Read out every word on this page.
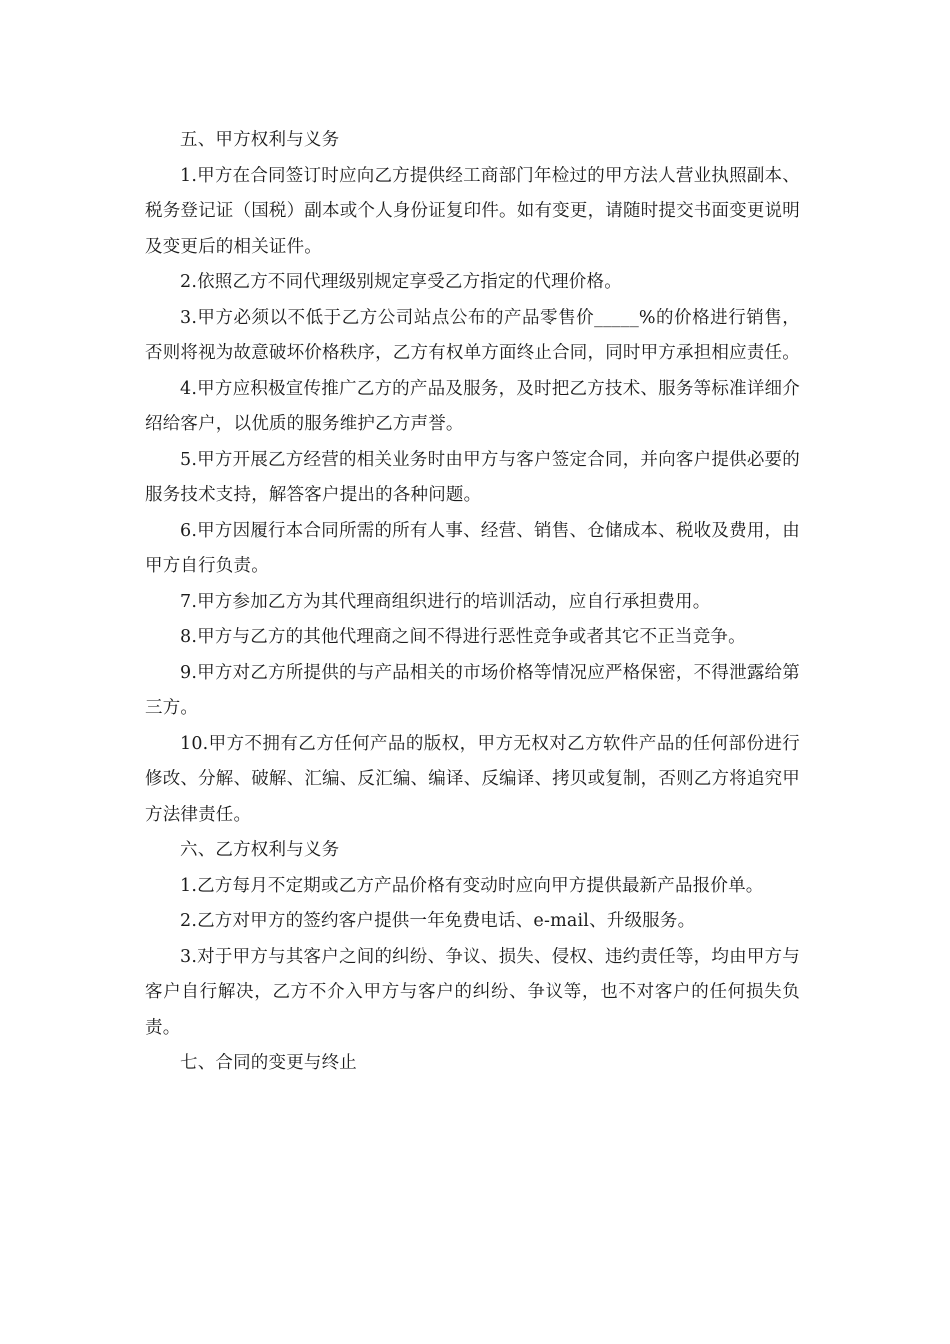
五、甲方权利与义务

1.甲方在合同签订时应向乙方提供经工商部门年检过的甲方法人营业执照副本、税务登记证（国税）副本或个人身份证复印件。如有变更，请随时提交书面变更说明及变更后的相关证件。

2.依照乙方不同代理级别规定享受乙方指定的代理价格。

3.甲方必须以不低于乙方公司站点公布的产品零售价_____%的价格进行销售，否则将视为故意破坏价格秩序，乙方有权单方面终止合同，同时甲方承担相应责任。

4.甲方应积极宣传推广乙方的产品及服务，及时把乙方技术、服务等标准详细介绍给客户，以优质的服务维护乙方声誉。

5.甲方开展乙方经营的相关业务时由甲方与客户签定合同，并向客户提供必要的服务技术支持，解答客户提出的各种问题。

6.甲方因履行本合同所需的所有人事、经营、销售、仓储成本、税收及费用，由甲方自行负责。

7.甲方参加乙方为其代理商组织进行的培训活动，应自行承担费用。

8.甲方与乙方的其他代理商之间不得进行恶性竞争或者其它不正当竞争。

9.甲方对乙方所提供的与产品相关的市场价格等情况应严格保密，不得泄露给第三方。

10.甲方不拥有乙方任何产品的版权，甲方无权对乙方软件产品的任何部份进行修改、分解、破解、汇编、反汇编、编译、反编译、拷贝或复制，否则乙方将追究甲方法律责任。

六、乙方权利与义务

1.乙方每月不定期或乙方产品价格有变动时应向甲方提供最新产品报价单。

2.乙方对甲方的签约客户提供一年免费电话、e-mail、升级服务。

3.对于甲方与其客户之间的纠纷、争议、损失、侵权、违约责任等，均由甲方与客户自行解决，乙方不介入甲方与客户的纠纷、争议等，也不对客户的任何损失负责。

七、合同的变更与终止
